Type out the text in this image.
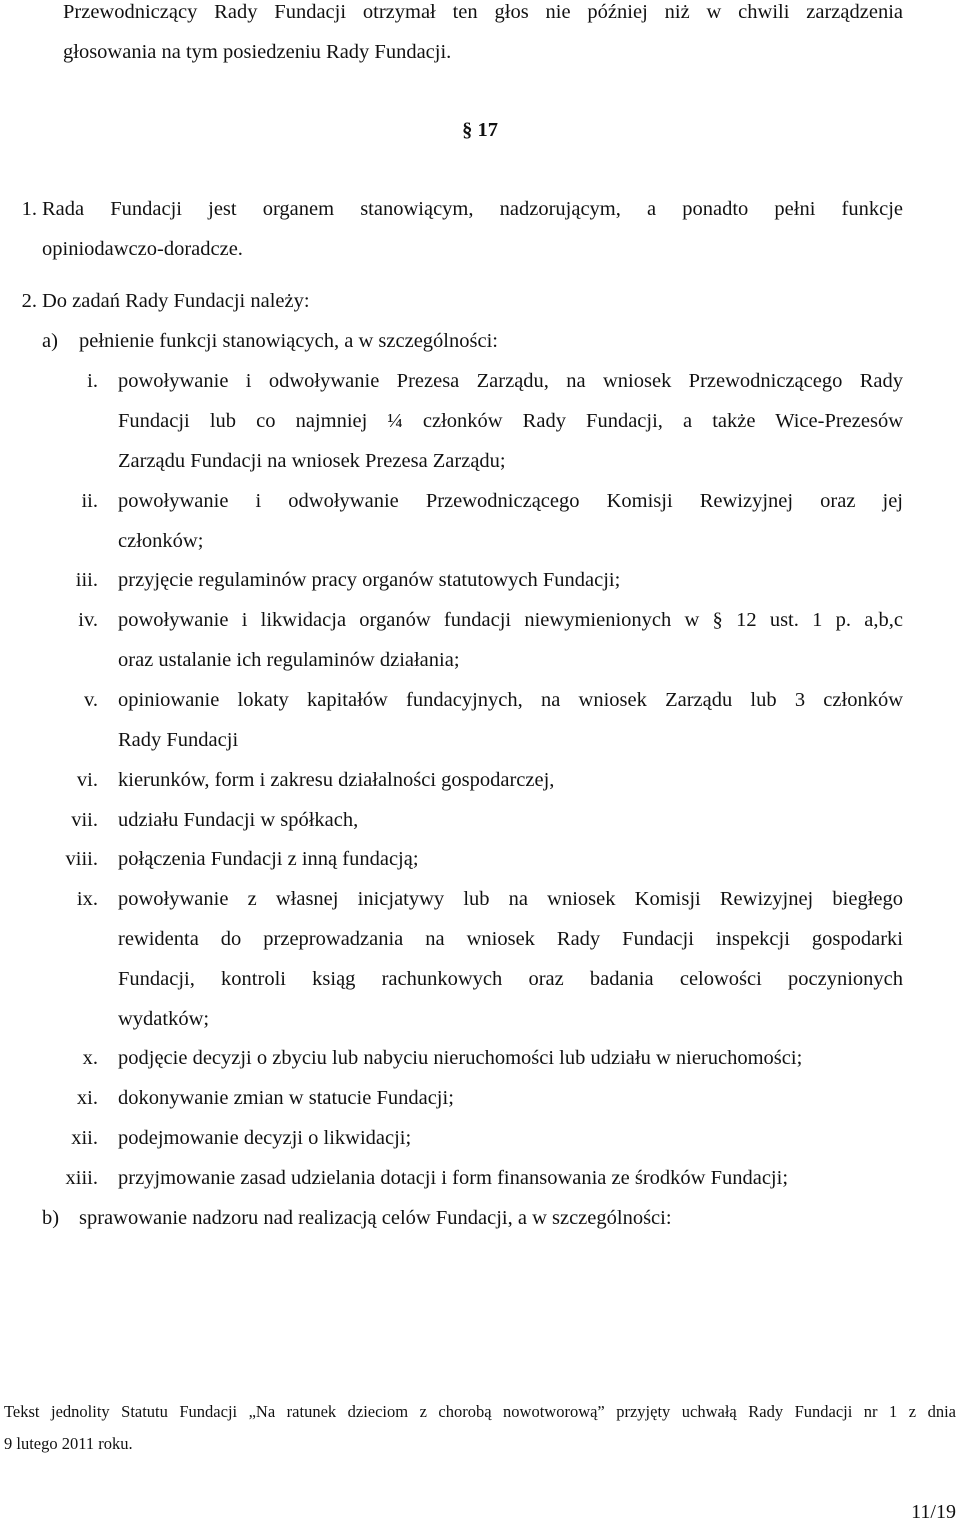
Przewodniczący Rady Fundacji otrzymał ten głos nie później niż w chwili zarządzenia
głosowania na tym posiedzeniu Rady Fundacji.
§ 17
1. Rada Fundacji jest organem stanowiącym, nadzorującym, a ponadto pełni funkcje
opiniodawczo-doradcze.
2. Do zadań Rady Fundacji należy:
a) pełnienie funkcji stanowiących, a w szczególności:
i. powoływanie i odwoływanie Prezesa Zarządu, na wniosek Przewodniczącego Rady
Fundacji lub co najmniej ¼ członków Rady Fundacji, a także Wice-Prezesów
Zarządu Fundacji na wniosek Prezesa Zarządu;
ii. powoływanie i odwoływanie Przewodniczącego Komisji Rewizyjnej oraz jej
członków;
iii. przyjęcie regulaminów pracy organów statutowych Fundacji;
iv. powoływanie i likwidacja organów fundacji niewymienionych w § 12 ust. 1 p. a,b,c
oraz ustalanie ich regulaminów działania;
v. opiniowanie lokaty kapitałów fundacyjnych, na wniosek Zarządu lub 3 członków
Rady Fundacji
vi. kierunków, form i zakresu działalności gospodarczej,
vii. udziału Fundacji w spółkach,
viii. połączenia Fundacji z inną fundacją;
ix. powoływanie z własnej inicjatywy lub na wniosek Komisji Rewizyjnej biegłego
rewidenta do przeprowadzania na wniosek Rady Fundacji inspekcji gospodarki
Fundacji, kontroli ksiąg rachunkowych oraz badania celowości poczynionych
wydatków;
x. podjęcie decyzji o zbyciu lub nabyciu nieruchomości lub udziału w nieruchomości;
xi. dokonywanie zmian w statucie Fundacji;
xii. podejmowanie decyzji o likwidacji;
xiii. przyjmowanie zasad udzielania dotacji i form finansowania ze środków Fundacji;
b) sprawowanie nadzoru nad realizacją celów Fundacji, a w szczególności:
Tekst jednolity Statutu Fundacji „Na ratunek dzieciom z chorobą nowotworową” przyjęty uchwałą Rady Fundacji nr 1 z dnia
9 lutego 2011 roku.
11/19
